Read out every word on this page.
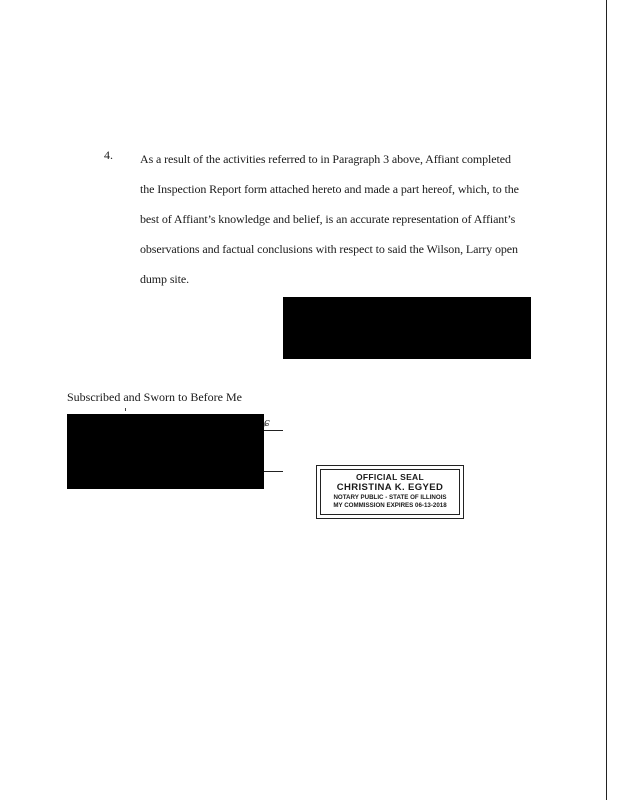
4. As a result of the activities referred to in Paragraph 3 above, Affiant completed
the Inspection Report form attached hereto and made a part hereof, which, to the
best of Affiant’s knowledge and belief, is an accurate representation of Affiant’s
observations and factual conclusions with respect to said the Wilson, Larry open
dump site.
Subscribed and Sworn to Before Me
ɕ
OFFICIAL SEAL
CHRISTINA K. EGYED
NOTARY PUBLIC - STATE OF ILLINOIS
MY COMMISSION EXPIRES 06-13-2018
